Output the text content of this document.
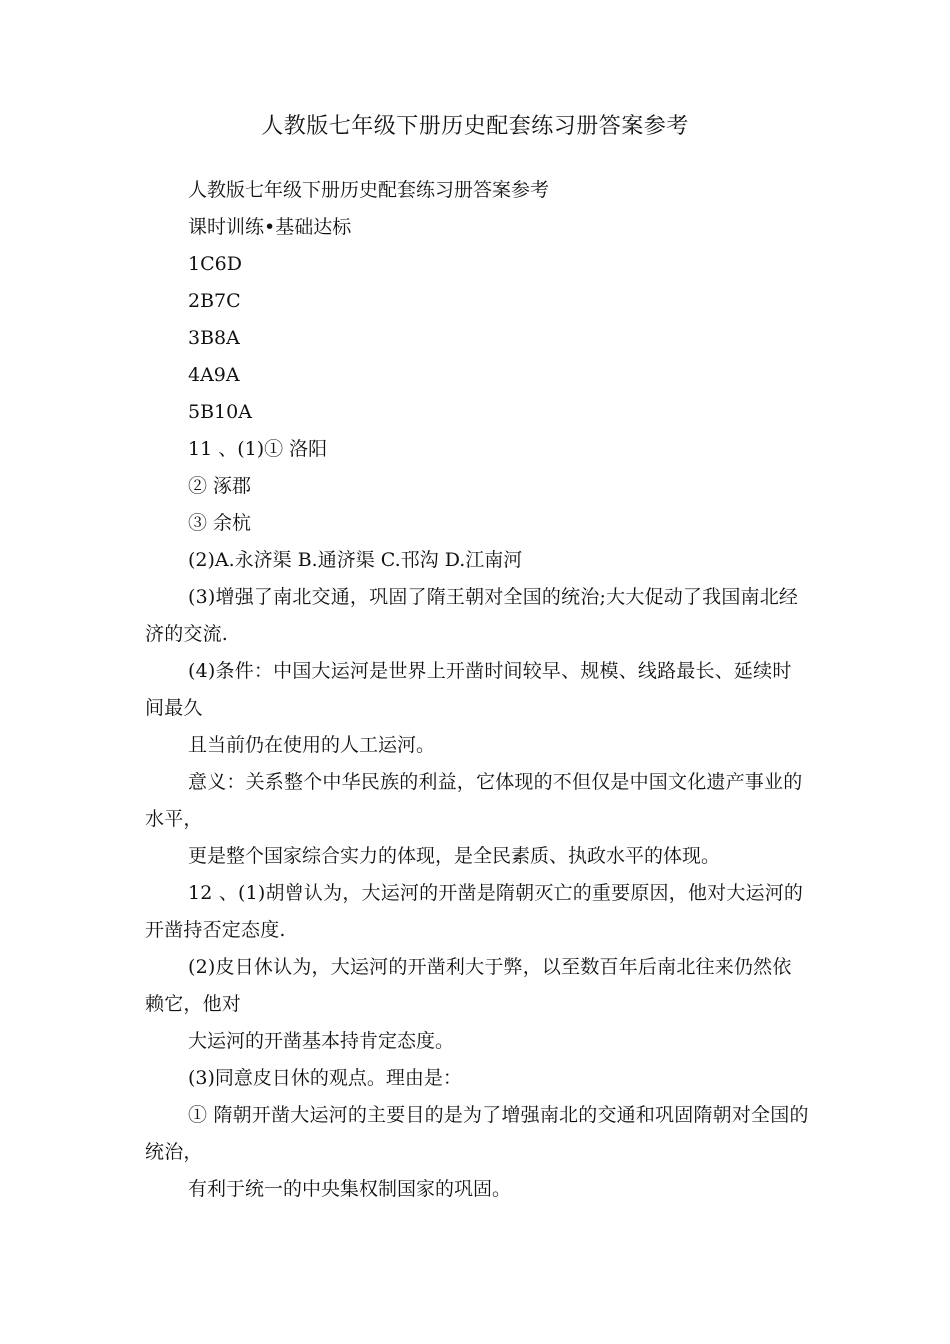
人教版七年级下册历史配套练习册答案参考

人教版七年级下册历史配套练习册答案参考

课时训练•基础达标

1C6D

2B7C

3B8A

4A9A

5B10A

11 、(1)① 洛阳

② 涿郡

③ 余杭

(2)A.永济渠 B.通济渠 C.邗沟 D.江南河

(3)增强了南北交通，巩固了隋王朝对全国的统治;大大促动了我国南北经济的交流.

(4)条件：中国大运河是世界上开凿时间较早、规模、线路最长、延续时间最久

且当前仍在使用的人工运河。

意义：关系整个中华民族的利益，它体现的不但仅是中国文化遗产事业的水平，

更是整个国家综合实力的体现，是全民素质、执政水平的体现。

12 、(1)胡曾认为，大运河的开凿是隋朝灭亡的重要原因，他对大运河的开凿持否定态度.

(2)皮日休认为，大运河的开凿利大于弊，以至数百年后南北往来仍然依赖它，他对

大运河的开凿基本持肯定态度。

(3)同意皮日休的观点。理由是：

① 隋朝开凿大运河的主要目的是为了增强南北的交通和巩固隋朝对全国的统治，

有利于统一的中央集权制国家的巩固。
